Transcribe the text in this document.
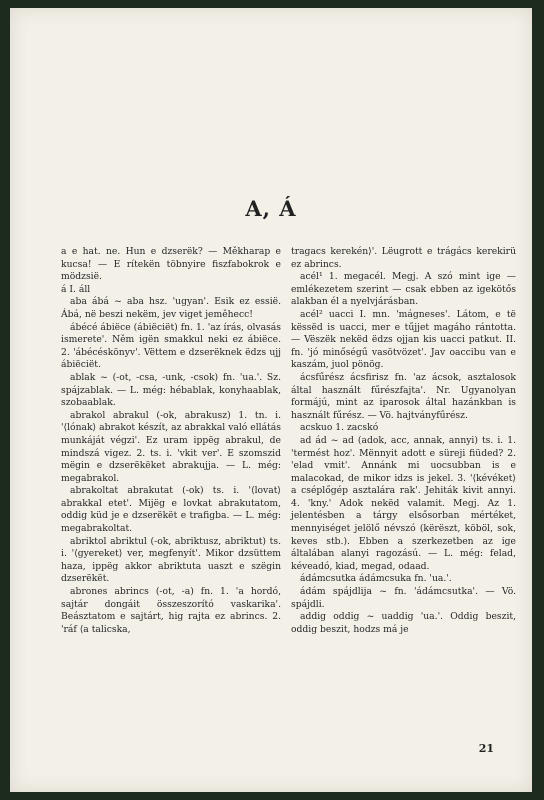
A, Á

a e hat. ne. Hun e dzserëk? — Měkharap e kucsa! — E rítekën töbnyire fiszfabokrok e mödzsië.

á I. áll

aba ábá ~ aba hsz. 'ugyan'. Esik ez essië. Ábá, në beszi nekëm, jev viget jeměhecc!

ábécé ábiëce (ábiëciët) fn. 1. 'az írás, olvasás ismerete'. Něm igën smakkul neki ez ábiëce. 2. 'ábécéskönyv'. Vëttem e dzserëknek ëdzs ujj ábiëciët.

ablak ~ (-ot, -csa, -unk, -csok) fn. 'ua.'. Sz. spájzablak. — L. még: hébablak, konyhaablak, szobaablak.

abrakol abrakul (-ok, abrakusz) 1. tn. i. '⟨lónak⟩ abrakot készít, az abrakkal való ellátás munkáját végzi'. Ez uram ippëg abrakul, de mindszá vigez. 2. ts. i. 'vkit ver'. E szomszid mëgin e dzserëkëket abrakujja. — L. még: megabrakol.

abrakoltat abrakutat (-ok) ts. i. '⟨lovat⟩ abrakkal etet'. Mijëg e lovkat abrakutatom, oddig küd je e dzserëkët e trafigba. — L. még: megabrakoltat.

abriktol abriktul (-ok, abriktusz, abriktut) ts. i. '⟨gyereket⟩ ver, megfenyít'. Mikor dzsüttem haza, ippëg akkor abriktuta uaszt e szëgin dzserëkët.

abrones abrincs (-ot, -a) fn. 1. 'a hordó, sajtár dongáit összeszorító vaskarika'. Beásztatom e sajtárt, hig rajta ez abrincs. 2. 'ráf ⟨a talicska,

tragacs kerekén⟩'. Lëugrott e trágács kerekirü ez abrincs.

acél¹ 1. megacél. Megj. A szó mint ige — emlékezetem szerint — csak ebben az igekötős alakban él a nyelvjárásban.

acél² uacci I. mn. 'mágneses'. Látom, e të këssëd is uacci, mer e tűjjet magáho rántotta. — Vëszëk nekëd ëdzs ojjan kis uacci patkut. II. fn. 'jó minőségű vasötvözet'. Jav oaccibu van e kaszám, juol pönög.

ácsfűrész ácsfirisz fn. 'az ácsok, asztalosok által használt fűrészfajta'. Nr. Ugyanolyan formájú, mint az iparosok által hazánkban is használt fűrész. — Vö. hajtványfűrész.

acskuo 1. zacskó

ad ád ~ ad (adok, acc, annak, annyi) ts. i. 1. 'termést hoz'. Mënnyit adott e süreji fiüded? 2. 'elad vmit'. Annánk mi uocsubban is e malacokad, de mikor idzs is jekel. 3. '⟨kévéket⟩ a cséplőgép asztalára rak'. Jehiták kivit annyi. 4. 'kny.' Adok nekëd valamit. Megj. Az 1. jelentésben a tárgy elsősorban mértéket, mennyiséget jelölő névszó (kërëszt, köböl, sok, keves stb.). Ebben a szerkezetben az ige általában alanyi ragozású. — L. még: felad, kéveadó, kiad, megad, odaad.

ádámcsutka ádámcsuka fn. 'ua.'.

ádám spájdlija ~ fn. 'ádámcsutka'. — Vö. spájdli.

addig oddig ~ uaddig 'ua.'. Oddig beszit, oddig beszit, hodzs má je

21
